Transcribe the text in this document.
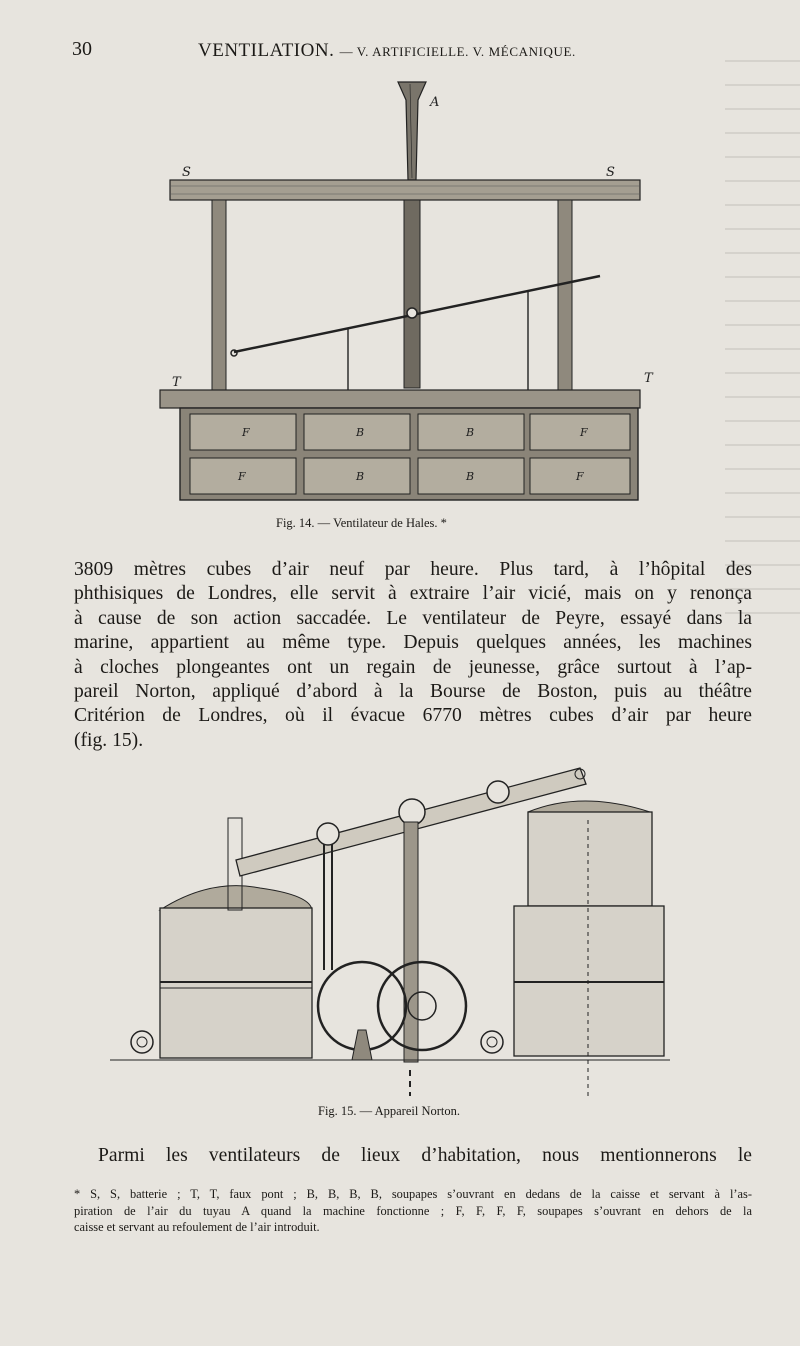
30	VENTILATION. — V. ARTIFICIELLE. V. MÉCANIQUE.
A
S	S
T	T
F	B	B	F
F	B	B	F
Fig. 14. — Ventilateur de Hales. *
3809 mètres cubes d’air neuf par heure. Plus tard, à l’hôpital des
phthisiques de Londres, elle servit à extraire l’air vicié, mais on y renonça
à cause de son action saccadée. Le ventilateur de Peyre, essayé dans la
marine, appartient au même type. Depuis quelques années, les machines
à cloches plongeantes ont un regain de jeunesse, grâce surtout à l’ap-
pareil Norton, appliqué d’abord à la Bourse de Boston, puis au théâtre
Critérion de Londres, où il évacue 6770 mètres cubes d’air par heure
(fig. 15).
Fig. 15. — Appareil Norton.
Parmi les ventilateurs de lieux d’habitation, nous mentionnerons le
* S, S, batterie ; T, T, faux pont ; B, B, B, B, soupapes s’ouvrant en dedans de la caisse et servant à l’as-
piration de l’air du tuyau A quand la machine fonctionne ; F, F, F, F, soupapes s’ouvrant en dehors de la
caisse et servant au refoulement de l’air introduit.
